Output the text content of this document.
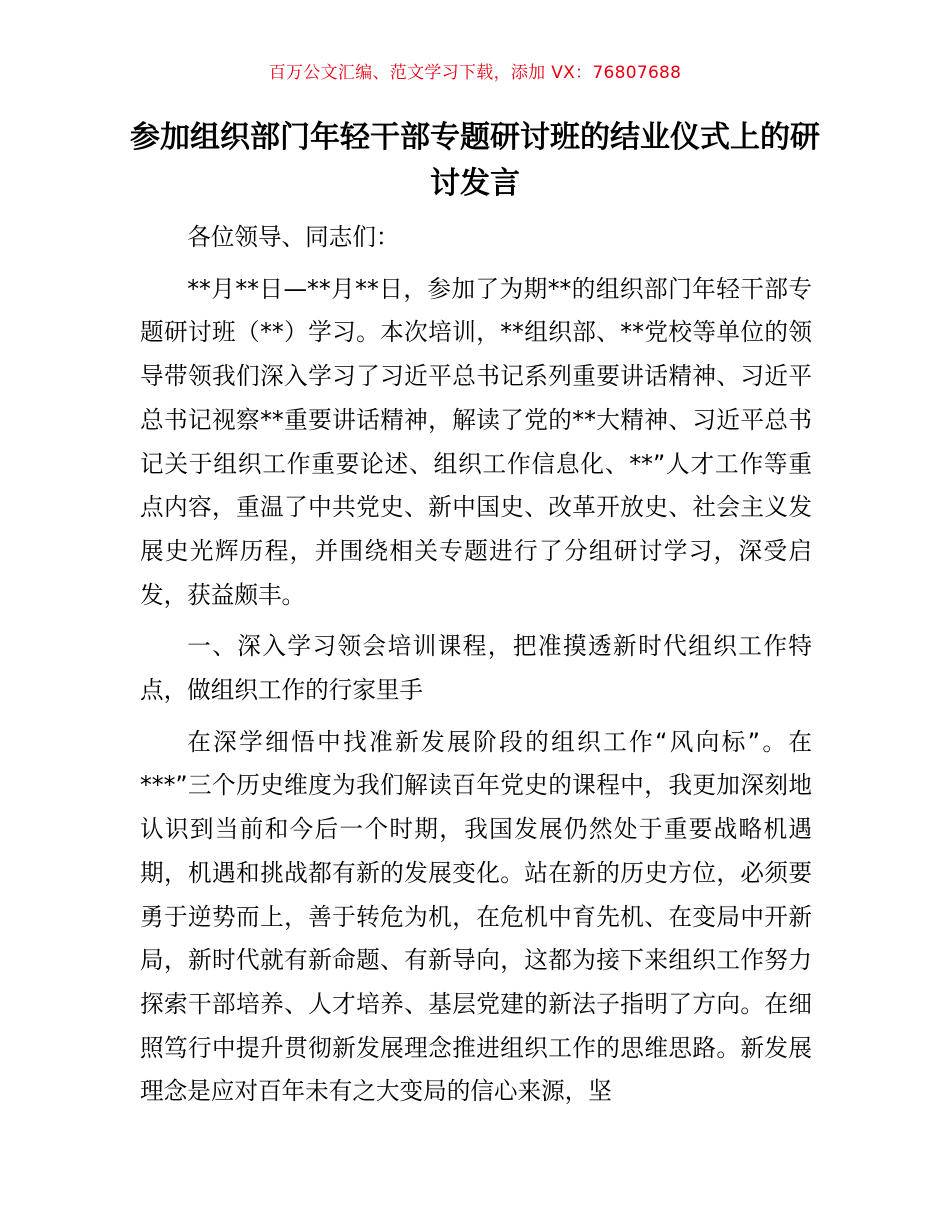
百万公文汇编、范文学习下载，添加 VX：76807688
参加组织部门年轻干部专题研讨班的结业仪式上的研讨发言

各位领导、同志们：

**月**日—**月**日，参加了为期**的组织部门年轻干部专题研讨班（**）学习。本次培训，**组织部、**党校等单位的领导带领我们深入学习了习近平总书记系列重要讲话精神、习近平总书记视察**重要讲话精神，解读了党的**大精神、习近平总书记关于组织工作重要论述、组织工作信息化、**”人才工作等重点内容，重温了中共党史、新中国史、改革开放史、社会主义发展史光辉历程，并围绕相关专题进行了分组研讨学习，深受启发，获益颇丰。

一、深入学习领会培训课程，把准摸透新时代组织工作特点，做组织工作的行家里手

在深学细悟中找准新发展阶段的组织工作“风向标”。在***”三个历史维度为我们解读百年党史的课程中，我更加深刻地认识到当前和今后一个时期，我国发展仍然处于重要战略机遇期，机遇和挑战都有新的发展变化。站在新的历史方位，必须要勇于逆势而上，善于转危为机，在危机中育先机、在变局中开新局，新时代就有新命题、有新导向，这都为接下来组织工作努力探索干部培养、人才培养、基层党建的新法子指明了方向。在细照笃行中提升贯彻新发展理念推进组织工作的思维思路。新发展理念是应对百年未有之大变局的信心来源，坚
